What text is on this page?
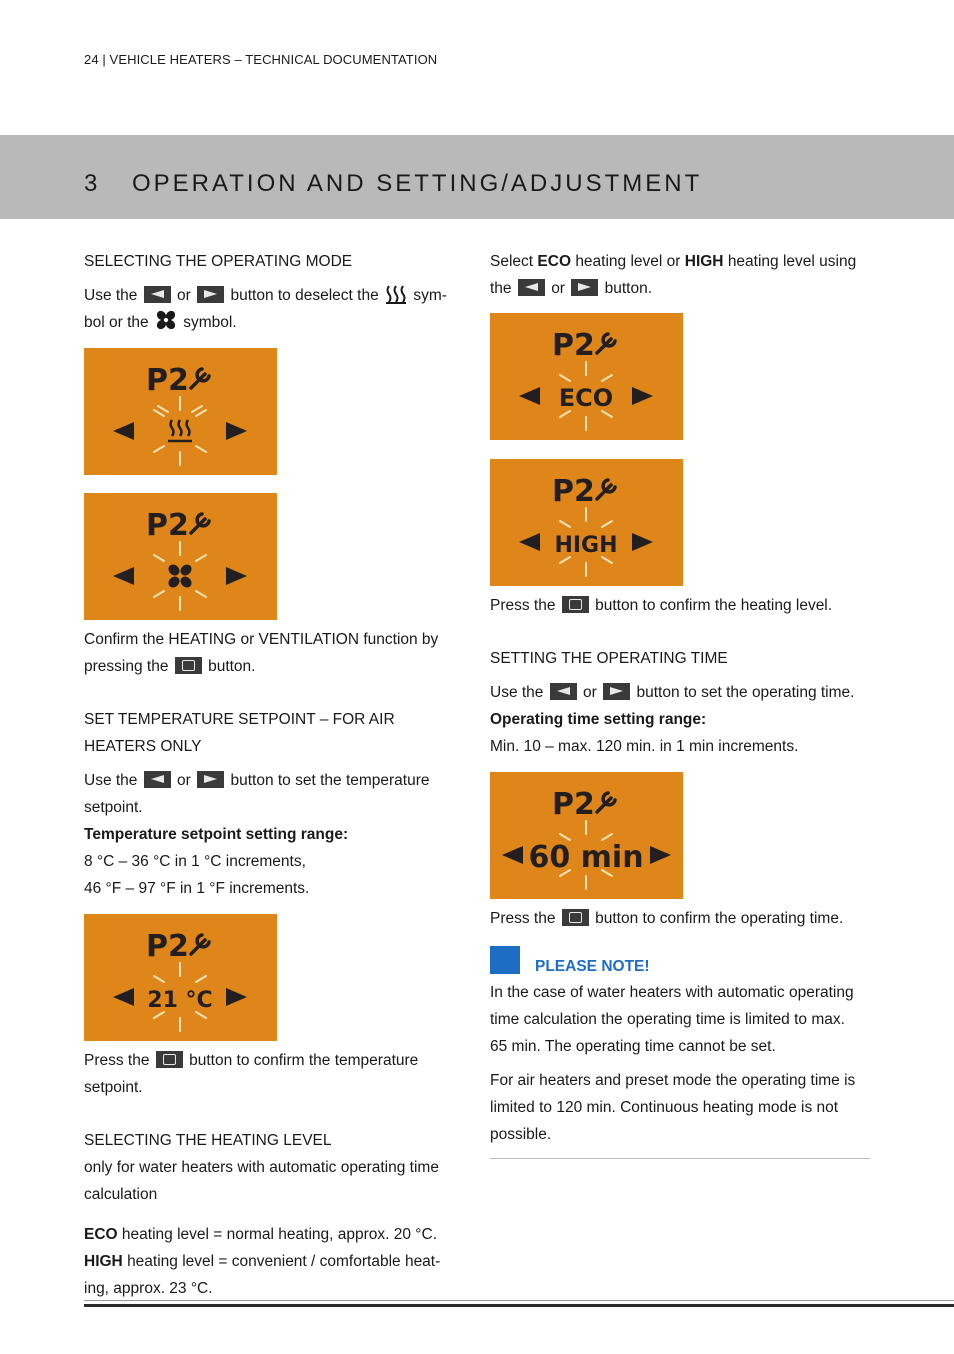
24 | VEHICLE HEATERS – TECHNICAL DOCUMENTATION
3 OPERATION AND SETTING/ADJUSTMENT

SELECTING THE OPERATING MODE

Use the	or	button to deselect the sym-
bol or the symbol.

P2
P2

Confirm the HEATING or VENTILATION function by
pressing the	button.

SET TEMPERATURE SETPOINT – FOR AIR HEATERS ONLY

Use the	or	button to set the temperature
setpoint.
Temperature setpoint setting range:
8 °C – 36 °C in 1 °C increments,
46 °F – 97 °F in 1 °F increments.

P2
21 °C

Press the	button to confirm the temperature
setpoint.

SELECTING THE HEATING LEVEL

only for water heaters with automatic operating time
calculation

ECO heating level = normal heating, approx. 20 °C.
HIGH heating level = convenient / comfortable heat-
ing, approx. 23 °C.

Select ECO heating level or HIGH heating level using
the	or	button.

P2
ECO
P2
HIGH

Press the	button to confirm the heating level.

SETTING THE OPERATING TIME

Use the	or	button to set the operating time.
Operating time setting range:
Min. 10 – max. 120 min. in 1 min increments.

P2
60 min

Press the	button to confirm the operating time.

PLEASE NOTE!

In the case of water heaters with automatic operating
time calculation the operating time is limited to max.
65 min. The operating time cannot be set.

For air heaters and preset mode the operating time is
limited to 120 min. Continuous heating mode is not
possible.
